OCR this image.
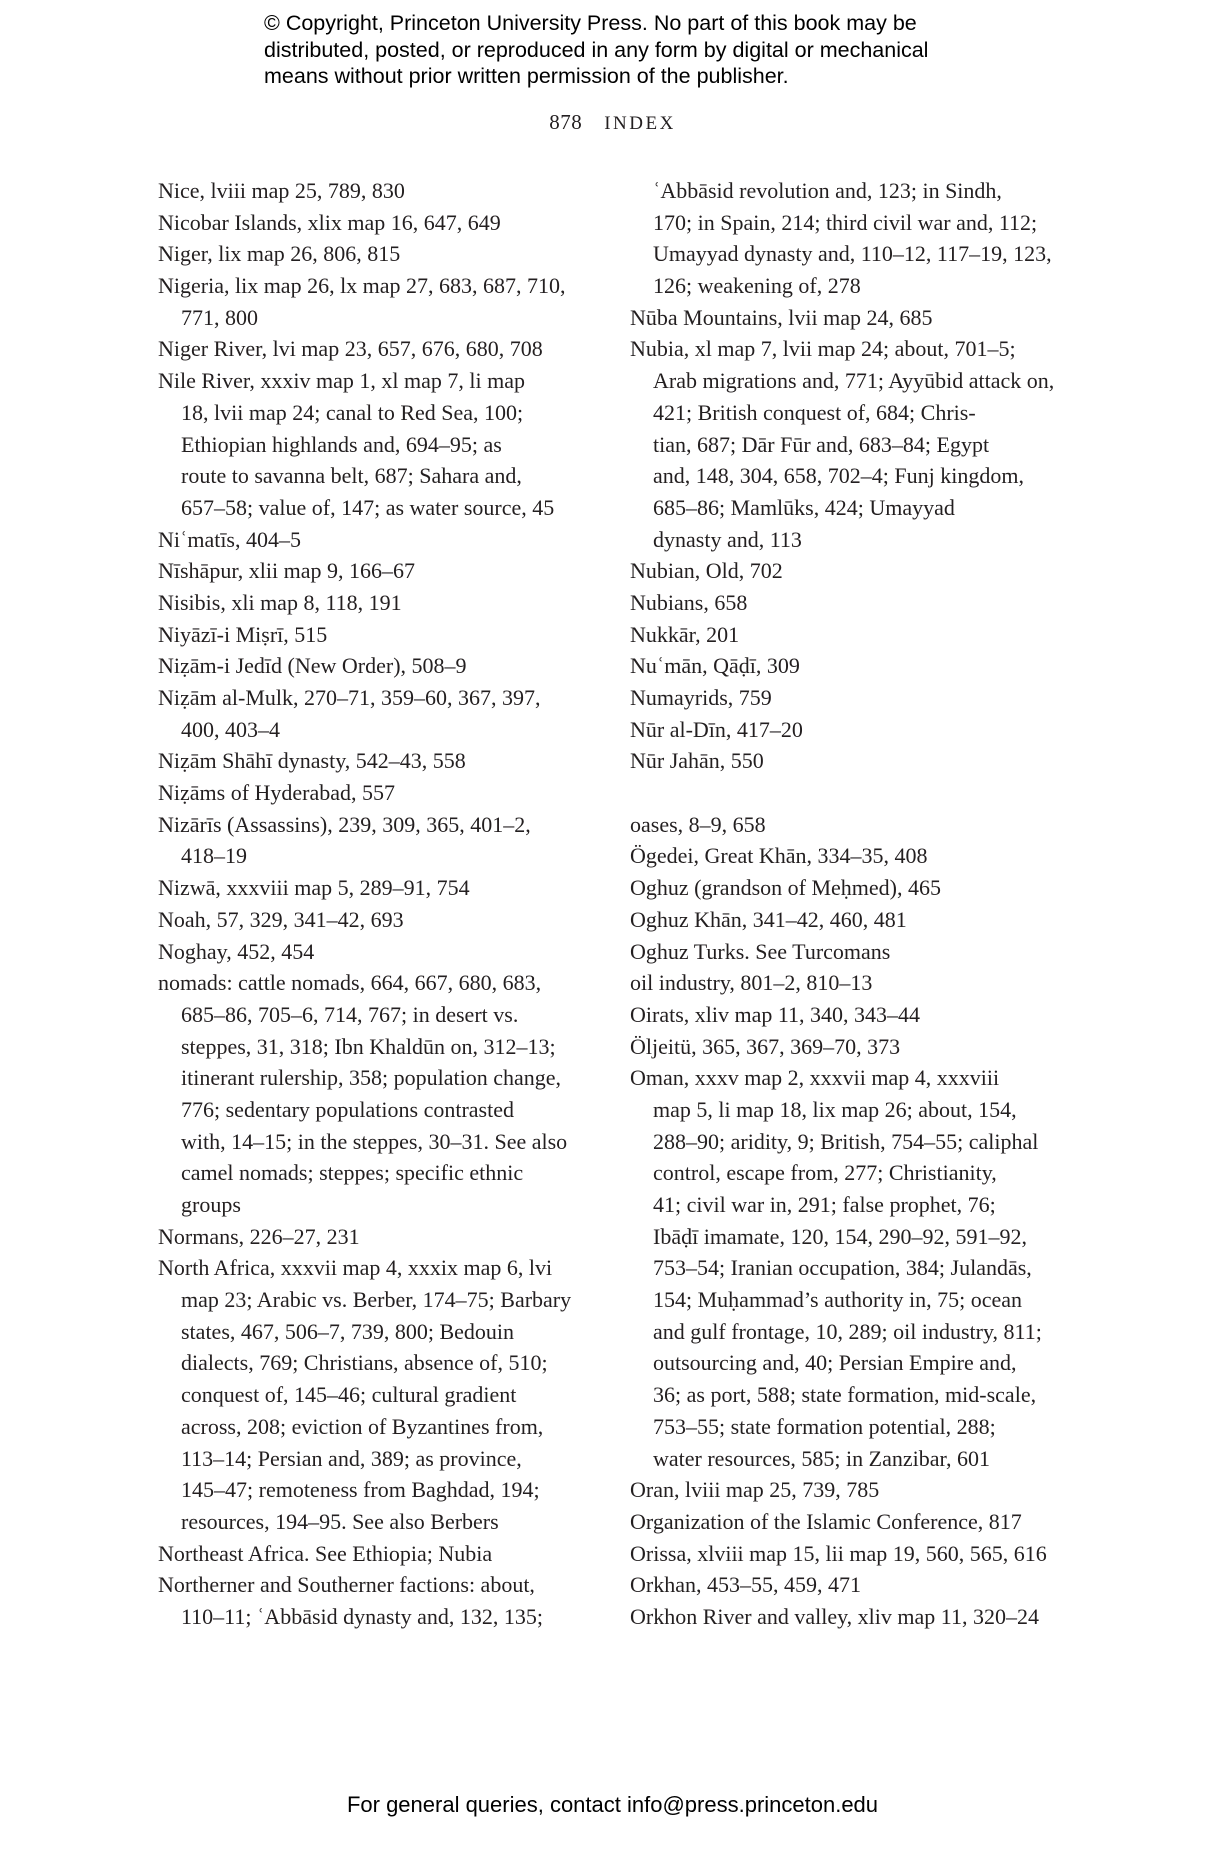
© Copyright, Princeton University Press. No part of this book may be
distributed, posted, or reproduced in any form by digital or mechanical
means without prior written permission of the publisher.
878 INDEX
Nice, lviii map 25, 789, 830
Nicobar Islands, xlix map 16, 647, 649
Niger, lix map 26, 806, 815
Nigeria, lix map 26, lx map 27, 683, 687, 710,
771, 800
Niger River, lvi map 23, 657, 676, 680, 708
Nile River, xxxiv map 1, xl map 7, li map
18, lvii map 24; canal to Red Sea, 100;
Ethiopian highlands and, 694–95; as
route to savanna belt, 687; Sahara and,
657–58; value of, 147; as water source, 45
Niʿmatīs, 404–5
Nīshāpur, xlii map 9, 166–67
Nisibis, xli map 8, 118, 191
Niyāzī-i Miṣrī, 515
Niẓām-i Jedīd (New Order), 508–9
Niẓām al-Mulk, 270–71, 359–60, 367, 397,
400, 403–4
Niẓām Shāhī dynasty, 542–43, 558
Niẓāms of Hyderabad, 557
Nizārīs (Assassins), 239, 309, 365, 401–2,
418–19
Nizwā, xxxviii map 5, 289–91, 754
Noah, 57, 329, 341–42, 693
Noghay, 452, 454
nomads: cattle nomads, 664, 667, 680, 683,
685–86, 705–6, 714, 767; in desert vs.
steppes, 31, 318; Ibn Khaldūn on, 312–13;
itinerant rulership, 358; population change,
776; sedentary populations contrasted
with, 14–15; in the steppes, 30–31. See also
camel nomads; steppes; specific ethnic
groups
Normans, 226–27, 231
North Africa, xxxvii map 4, xxxix map 6, lvi
map 23; Arabic vs. Berber, 174–75; Barbary
states, 467, 506–7, 739, 800; Bedouin
dialects, 769; Christians, absence of, 510;
conquest of, 145–46; cultural gradient
across, 208; eviction of Byzantines from,
113–14; Persian and, 389; as province,
145–47; remoteness from Baghdad, 194;
resources, 194–95. See also Berbers
Northeast Africa. See Ethiopia; Nubia
Northerner and Southerner factions: about,
110–11; ʿAbbāsid dynasty and, 132, 135;
ʿAbbāsid revolution and, 123; in Sindh,
170; in Spain, 214; third civil war and, 112;
Umayyad dynasty and, 110–12, 117–19, 123,
126; weakening of, 278
Nūba Mountains, lvii map 24, 685
Nubia, xl map 7, lvii map 24; about, 701–5;
Arab migrations and, 771; Ayyūbid attack on,
421; British conquest of, 684; Chris-
tian, 687; Dār Fūr and, 683–84; Egypt
and, 148, 304, 658, 702–4; Funj kingdom,
685–86; Mamlūks, 424; Umayyad
dynasty and, 113
Nubian, Old, 702
Nubians, 658
Nukkār, 201
Nuʿmān, Qāḍī, 309
Numayrids, 759
Nūr al-Dīn, 417–20
Nūr Jahān, 550
oases, 8–9, 658
Ögedei, Great Khān, 334–35, 408
Oghuz (grandson of Meḥmed), 465
Oghuz Khān, 341–42, 460, 481
Oghuz Turks. See Turcomans
oil industry, 801–2, 810–13
Oirats, xliv map 11, 340, 343–44
Öljeitü, 365, 367, 369–70, 373
Oman, xxxv map 2, xxxvii map 4, xxxviii
map 5, li map 18, lix map 26; about, 154,
288–90; aridity, 9; British, 754–55; caliphal
control, escape from, 277; Christianity,
41; civil war in, 291; false prophet, 76;
Ibāḍī imamate, 120, 154, 290–92, 591–92,
753–54; Iranian occupation, 384; Julandās,
154; Muḥammad’s authority in, 75; ocean
and gulf frontage, 10, 289; oil industry, 811;
outsourcing and, 40; Persian Empire and,
36; as port, 588; state formation, mid-scale,
753–55; state formation potential, 288;
water resources, 585; in Zanzibar, 601
Oran, lviii map 25, 739, 785
Organization of the Islamic Conference, 817
Orissa, xlviii map 15, lii map 19, 560, 565, 616
Orkhan, 453–55, 459, 471
Orkhon River and valley, xliv map 11, 320–24
For general queries, contact info@press.princeton.edu
